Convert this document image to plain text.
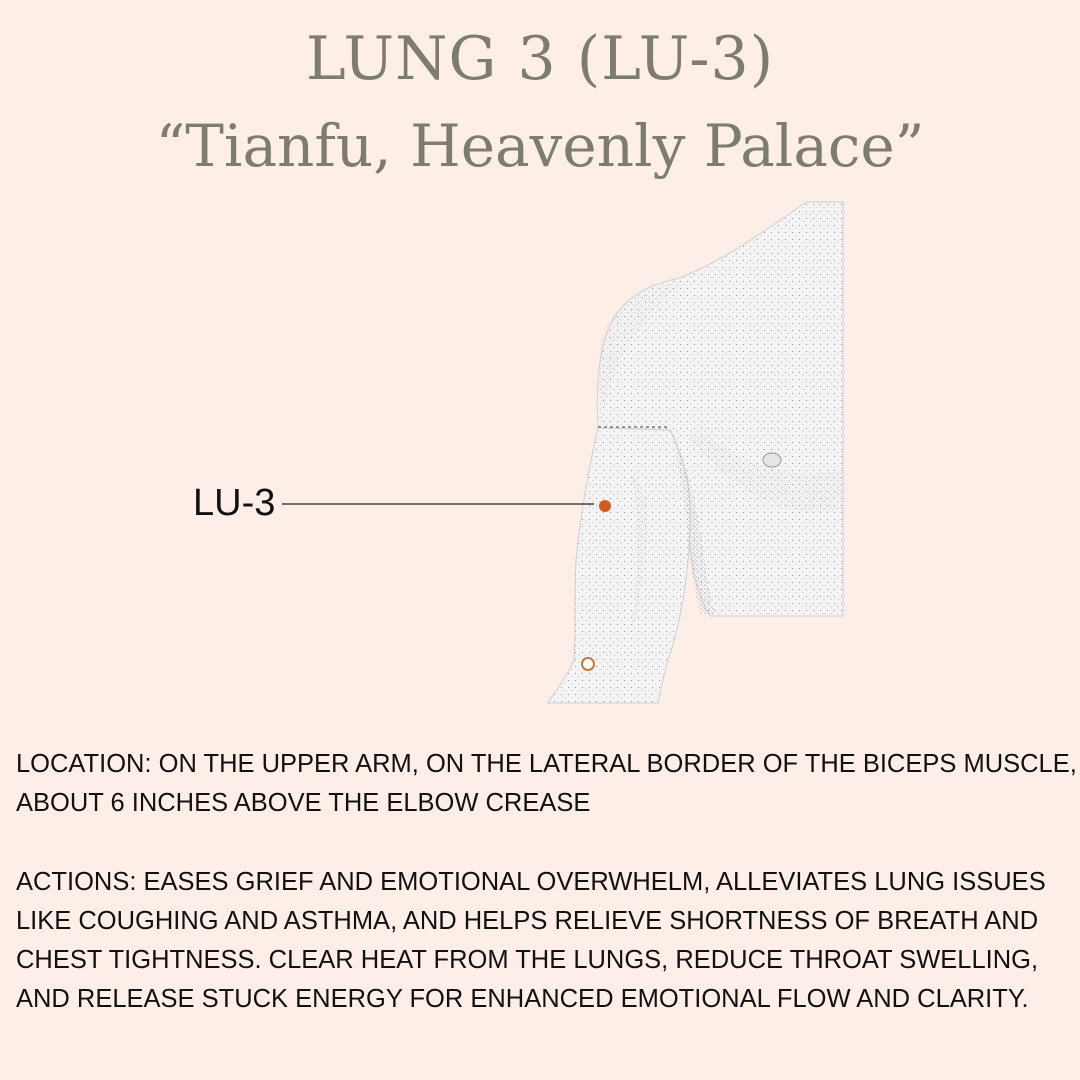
LUNG 3 (LU-3)
“Tianfu, Heavenly Palace”
LU-3

LOCATION: ON THE UPPER ARM, ON THE LATERAL BORDER OF THE BICEPS MUSCLE, ABOUT 6 INCHES ABOVE THE ELBOW CREASE

ACTIONS: EASES GRIEF AND EMOTIONAL OVERWHELM, ALLEVIATES LUNG ISSUES LIKE COUGHING AND ASTHMA, AND HELPS RELIEVE SHORTNESS OF BREATH AND CHEST TIGHTNESS. CLEAR HEAT FROM THE LUNGS, REDUCE THROAT SWELLING, AND RELEASE STUCK ENERGY FOR ENHANCED EMOTIONAL FLOW AND CLARITY.
